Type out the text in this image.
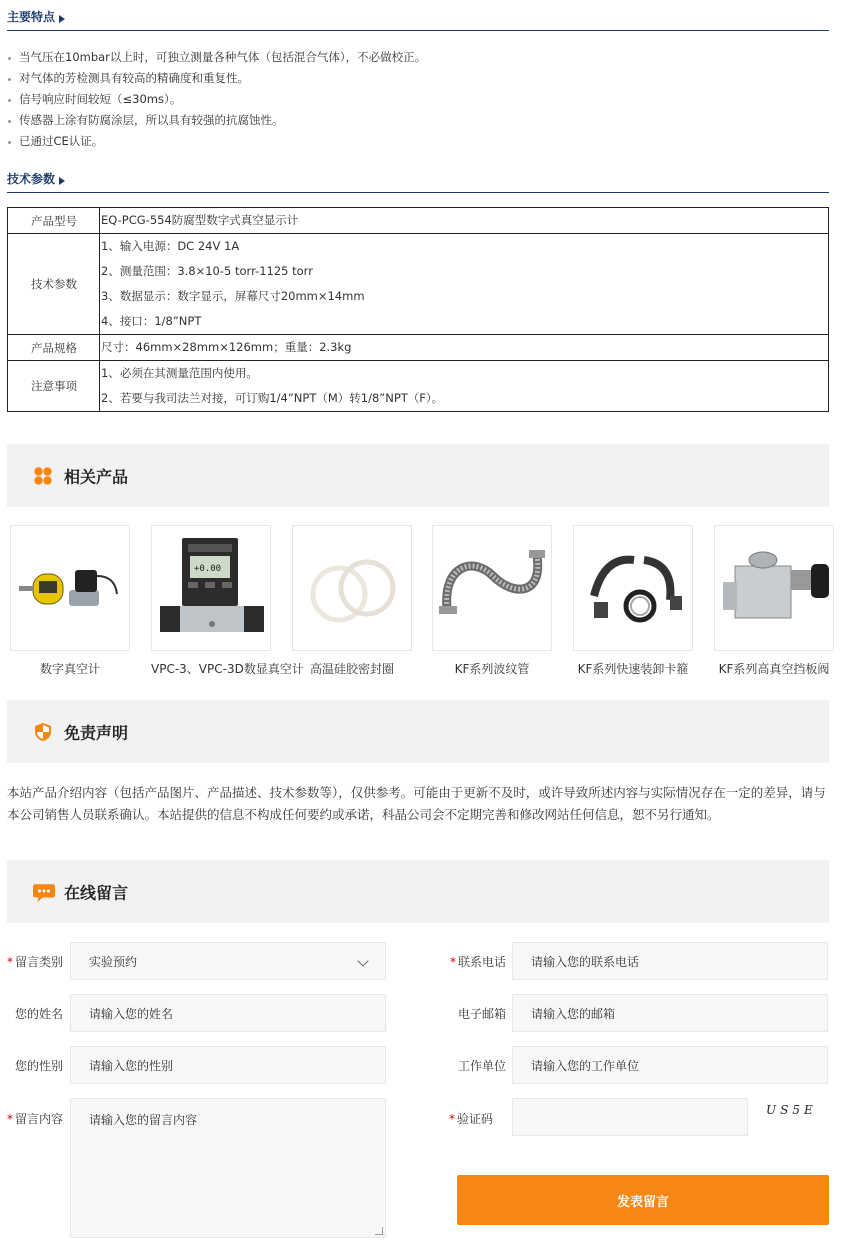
主要特点
当气压在10mbar以上时，可独立测量各种气体（包括混合气体），不必做校正。
对气体的芳检测具有较高的精确度和重复性。
信号响应时间较短（≤30ms）。
传感器上涂有防腐涂层，所以具有较强的抗腐蚀性。
已通过CE认证。
技术参数
产品型号	EQ-PCG-554防腐型数字式真空显示计

技术参数	1、输入电源：DC 24V 1A
2、测量范围：3.8×10-5 torr-1125 torr
3、数据显示：数字显示，屏幕尺寸20mm×14mm
4、接口：1/8”NPT

产品规格	尺寸：46mm×28mm×126mm；重量：2.3kg

注意事项	1、必须在其测量范围内使用。
2、若要与我司法兰对接，可订购1/4”NPT（M）转1/8”NPT（F）。
相关产品
数字真空计
+0.00
VPC-3、VPC-3D数显真空计 高温硅胶密封圈	KF系列波纹管	KF系列快速装卸卡箍	KF系列高真空挡板阀
免责声明
本站产品介绍内容（包括产品图片、产品描述、技术参数等），仅供参考。可能由于更新不及时，或许导致所述内容与实际情况存在一定的差异，请与本公司销售人员联系确认。本站提供的信息不构成任何要约或承诺，科晶公司会不定期完善和修改网站任何信息，恕不另行通知。
在线留言
* 留言类别 实验预约
您的姓名 请输入您的姓名
您的性别 请输入您的性别
* 留言内容 请输入您的留言内容
* 联系电话 请输入您的联系电话
电子邮箱 请输入您的邮箱
工作单位 请输入您的工作单位
* 验证码
US5E
发表留言
